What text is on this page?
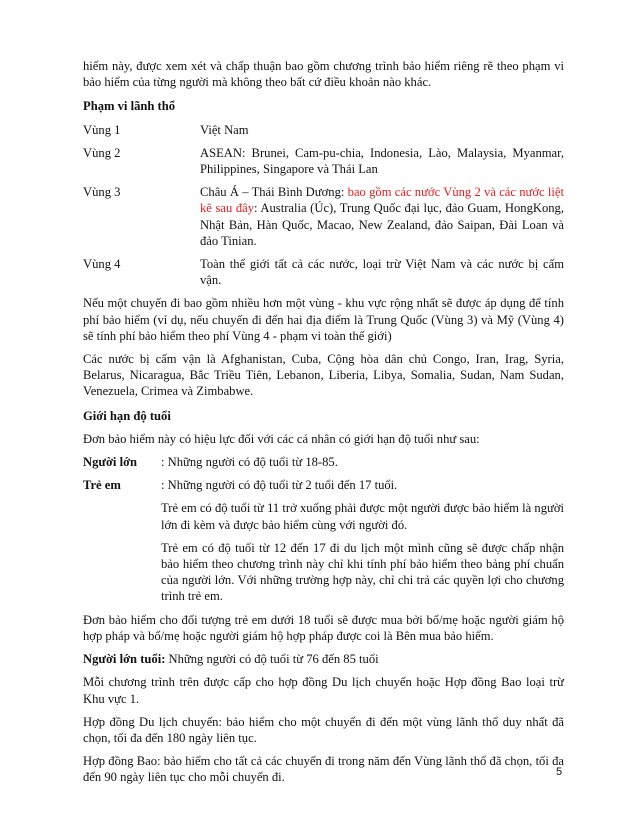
hiểm này, được xem xét và chấp thuận bao gồm chương trình bảo hiểm riêng rẽ theo phạm vi bảo hiểm của từng người mà không theo bất cứ điều khoản nào khác.

Phạm vi lãnh thổ

Vùng 1	Việt Nam
Vùng 2	ASEAN: Brunei, Cam-pu-chia, Indonesia, Lào, Malaysia, Myanmar, Philippines, Singapore và Thái Lan
Vùng 3	Châu Á – Thái Bình Dương: bao gồm các nước Vùng 2 và các nước liệt kê sau đây: Australia (Úc), Trung Quốc đại lục, đảo Guam, HongKong, Nhật Bản, Hàn Quốc, Macao, New Zealand, đảo Saipan, Đài Loan và đảo Tinian.
Vùng 4	Toàn thế giới tất cả các nước, loại trừ Việt Nam và các nước bị cấm vận.

Nếu một chuyến đi bao gồm nhiều hơn một vùng - khu vực rộng nhất sẽ được áp dụng để tính phí bảo hiểm (ví dụ, nếu chuyến đi đến hai địa điểm là Trung Quốc (Vùng 3) và Mỹ (Vùng 4) sẽ tính phí bảo hiểm theo phí Vùng 4 - phạm vi toàn thế giới)

Các nước bị cấm vận là Afghanistan, Cuba, Cộng hòa dân chủ Congo, Iran, Irag, Syria, Belarus, Nicaragua, Bắc Triều Tiên, Lebanon, Liberia, Libya, Somalia, Sudan, Nam Sudan, Venezuela, Crimea và Zimbabwe.

Giới hạn độ tuổi

Đơn bảo hiểm này có hiệu lực đối với các cá nhân có giới hạn độ tuổi như sau:

Người lớn	: Những người có độ tuổi từ 18-85.
Trẻ em	: Những người có độ tuổi từ 2 tuổi đến 17 tuổi.

Trẻ em có độ tuổi từ 11 trở xuống phải được một người được bảo hiểm là người lớn đi kèm và được bảo hiểm cùng với người đó.

Trẻ em có độ tuổi từ 12 đến 17 đi du lịch một mình cũng sẽ được chấp nhận bảo hiểm theo chương trình này chỉ khi tính phí bảo hiểm theo bảng phí chuẩn của người lớn. Với những trường hợp này, chỉ chi trả các quyền lợi cho chương trình trẻ em.

Đơn bảo hiểm cho đối tượng trẻ em dưới 18 tuổi sẽ được mua bởi bố/mẹ hoặc người giám hộ hợp pháp và bố/mẹ hoặc người giám hộ hợp pháp được coi là Bên mua bảo hiểm.

Người lớn tuổi: Những người có độ tuổi từ 76 đến 85 tuổi

Mỗi chương trình trên được cấp cho hợp đồng Du lịch chuyến hoặc Hợp đồng Bao loại trừ Khu vực 1.

Hợp đồng Du lịch chuyến: bảo hiểm cho một chuyến đi đến một vùng lãnh thổ duy nhất đã chọn, tối đa đến 180 ngày liên tục.

Hợp đồng Bao: bảo hiểm cho tất cả các chuyến đi trong năm đến Vùng lãnh thổ đã chọn, tối đa đến 90 ngày liên tục cho mỗi chuyến đi.	5
